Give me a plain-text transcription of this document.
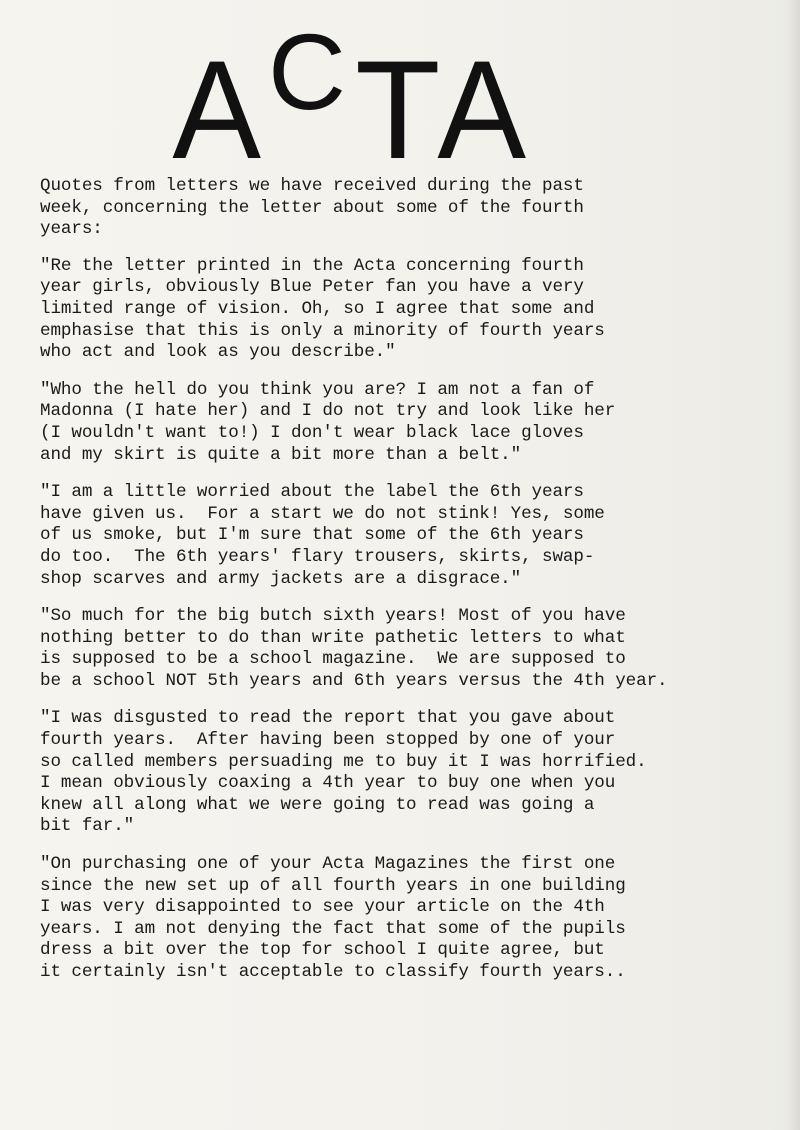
A C T
A
Quotes from letters we have received during the past
week, concerning the letter about some of the fourth
years:
"Re the letter printed in the Acta concerning fourth
year girls, obviously Blue Peter fan you have a very
limited range of vision. Oh, so I agree that some and
emphasise that this is only a minority of fourth years
who act and look as you describe."
"Who the hell do you think you are? I am not a fan of
Madonna (I hate her) and I do not try and look like her
(I wouldn't want to!) I don't wear black lace gloves
and my skirt is quite a bit more than a belt."
"I am a little worried about the label the 6th years
have given us.  For a start we do not stink! Yes, some
of us smoke, but I'm sure that some of the 6th years
do too.  The 6th years' flary trousers, skirts, swap-
shop scarves and army jackets are a disgrace."
"So much for the big butch sixth years! Most of you have
nothing better to do than write pathetic letters to what
is supposed to be a school magazine.  We are supposed to
be a school NOT 5th years and 6th years versus the 4th year.
"I was disgusted to read the report that you gave about
fourth years.  After having been stopped by one of your
so called members persuading me to buy it I was horrified.
I mean obviously coaxing a 4th year to buy one when you
knew all along what we were going to read was going a
bit far."
"On purchasing one of your Acta Magazines the first one
since the new set up of all fourth years in one building
I was very disappointed to see your article on the 4th
years. I am not denying the fact that some of the pupils
dress a bit over the top for school I quite agree, but
it certainly isn't acceptable to classify fourth years..
